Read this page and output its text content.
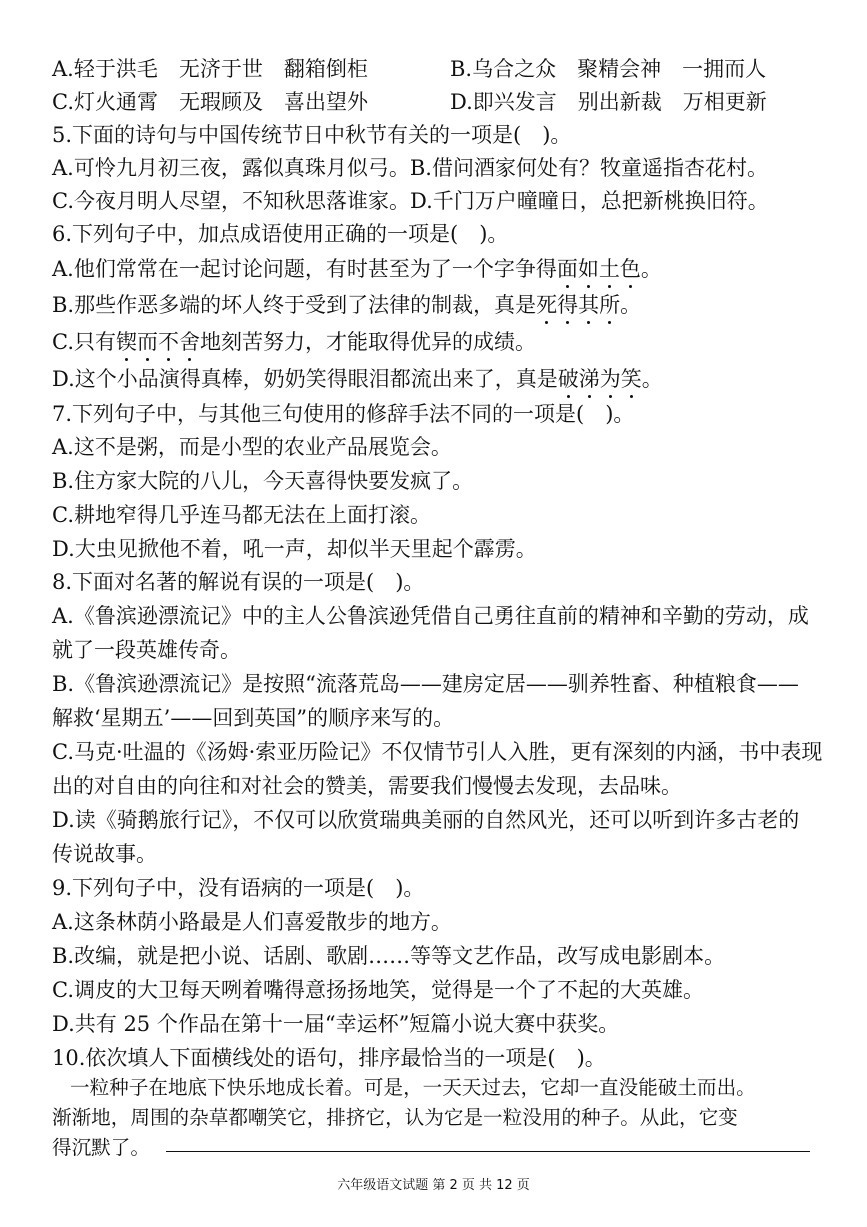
A.轻于洪毛　无济于世　翻箱倒柜	B.乌合之众　聚精会神　一拥而人
C.灯火通霄　无瑕顾及　喜出望外	D.即兴发言　别出新裁　万相更新
5.下面的诗句与中国传统节日中秋节有关的一项是(　)。
A.可怜九月初三夜，露似真珠月似弓。B.借问酒家何处有？牧童遥指杏花村。
C.今夜月明人尽望，不知秋思落谁家。D.千门万户曈曈日，总把新桃换旧符。
6.下列句子中，加点成语使用正确的一项是(　)。
A.他们常常在一起讨论问题，有时甚至为了一个字争得面如土色。
B.那些作恶多端的坏人终于受到了法律的制裁，真是死得其所。
C.只有锲而不舍地刻苦努力，才能取得优异的成绩。
D.这个小品演得真棒，奶奶笑得眼泪都流出来了，真是破涕为笑。
7.下列句子中，与其他三句使用的修辞手法不同的一项是(　)。
A.这不是粥，而是小型的农业产品展览会。
B.住方家大院的八儿，今天喜得快要发疯了。
C.耕地窄得几乎连马都无法在上面打滚。
D.大虫见掀他不着，吼一声，却似半天里起个霹雳。
8.下面对名著的解说有误的一项是(　)。
A.《鲁滨逊漂流记》中的主人公鲁滨逊凭借自己勇往直前的精神和辛勤的劳动，成
就了一段英雄传奇。
B.《鲁滨逊漂流记》是按照“流落荒岛——建房定居——驯养牲畜、种植粮食——
解救‘星期五’——回到英国”的顺序来写的。
C.马克·吐温的《汤姆·索亚历险记》不仅情节引人入胜，更有深刻的内涵，书中表现
出的对自由的向往和对社会的赞美，需要我们慢慢去发现，去品味。
D.读《骑鹅旅行记》，不仅可以欣赏瑞典美丽的自然风光，还可以听到许多古老的
传说故事。
9.下列句子中，没有语病的一项是(　)。
A.这条林荫小路最是人们喜爱散步的地方。
B.改编，就是把小说、话剧、歌剧……等等文艺作品，改写成电影剧本。
C.调皮的大卫每天咧着嘴得意扬扬地笑，觉得是一个了不起的大英雄。
D.共有 25 个作品在第十一届“幸运杯”短篇小说大赛中获奖。
10.依次填人下面横线处的语句，排序最恰当的一项是(　)。
一粒种子在地底下快乐地成长着。可是，一天天过去，它却一直没能破土而出。
渐渐地，周围的杂草都嘲笑它，排挤它，认为它是一粒没用的种子。从此，它变
得沉默了。
六年级语文试题 第 2 页 共 12 页
